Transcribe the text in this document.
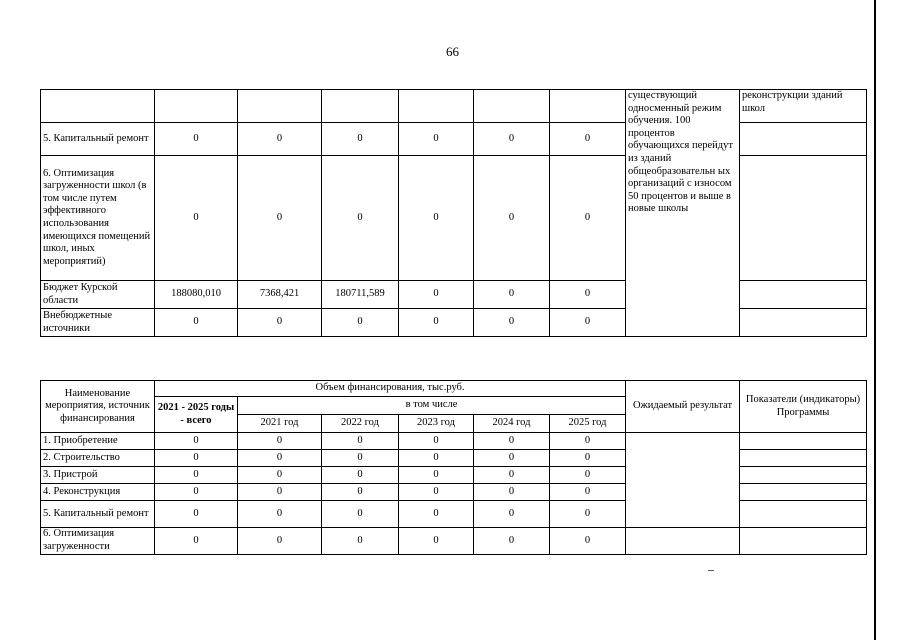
66
							существующий односменный режим обучения. 100 процентов обучающихся перейдут из зданий общеобразовательн ых организаций с износом 50 процентов и выше в новые школы	реконструкции зданий школ
5. Капитальный ремонт	0	0	0	0	0	0		
6. Оптимизация загруженности школ (в том числе путем эффективного использования имеющихся помещений школ, иных мероприятий)	0	0	0	0	0	0		
Бюджет Курской области	188080,010	7368,421	180711,589	0	0	0		
Внебюджетные источники	0	0	0	0	0	0		
Наименование мероприятия, источник финансирования	Объем финансирования, тыс.руб.						Ожидаемый результат	Показатели (индикаторы) Программы
	2021 - 2025 годы - всего	в том числе						
		2021 год	2022 год	2023 год	2024 год	2025 год		
1. Приобретение	0	0	0	0	0	0		
2. Строительство	0	0	0	0	0	0		
3. Пристрой	0	0	0	0	0	0		
4. Реконструкция	0	0	0	0	0	0		
5. Капитальный ремонт	0	0	0	0	0	0		
6. Оптимизация загруженности	0	0	0	0	0	0		
